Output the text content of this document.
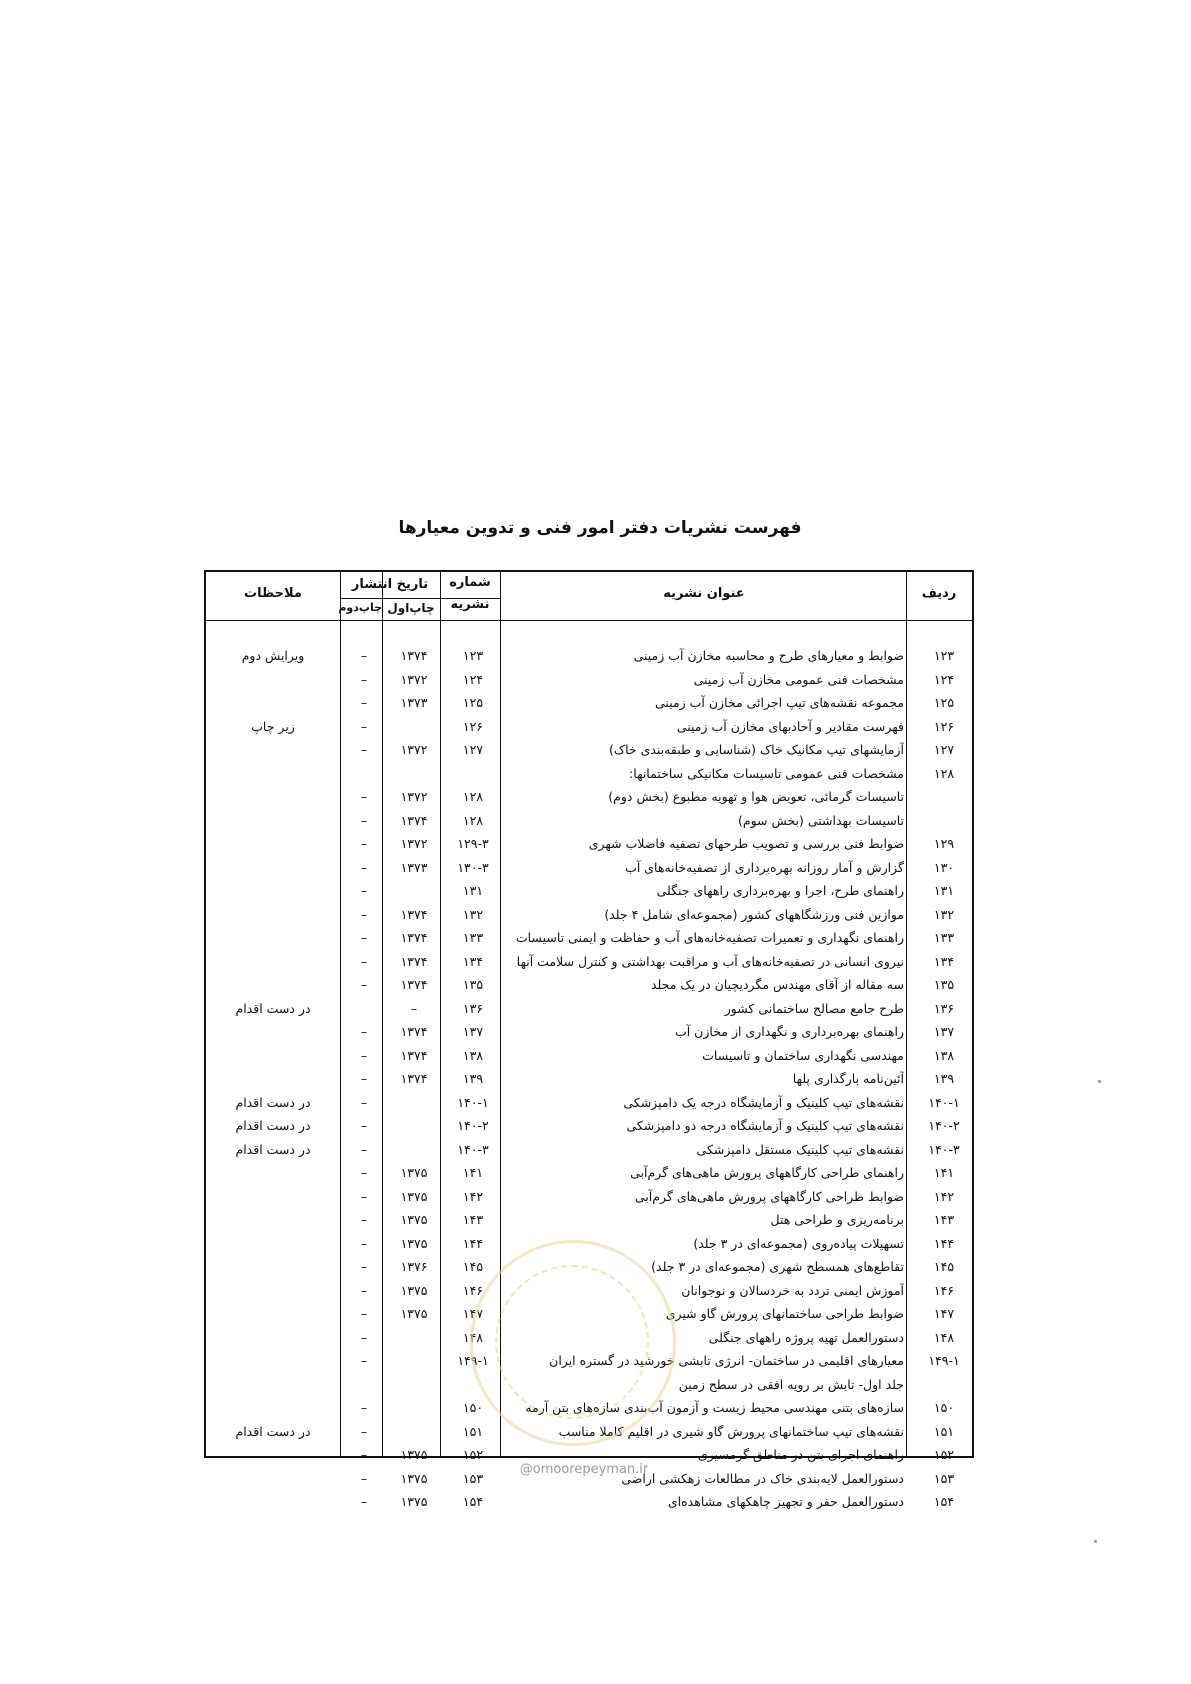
فهرست نشریات دفتر امور فنی و تدوین معیارها
ردیف
عنوان نشریه
شماره
نشریه
تاریخ انتشار
چاپ‌اول
چاپ‌دوم
ملاحظات
۱۲۳
ضوابط و معیارهای طرح و محاسبه مخازن آب زمینی
۱۲۳
۱۳۷۴
–
ویرایش دوم
۱۲۴
مشخصات فنی عمومی مخازن آب زمینی
۱۲۴
۱۳۷۲
–
۱۲۵
مجموعه نقشه‌های تیپ اجرائی مخازن آب زمینی
۱۲۵
۱۳۷۳
–
۱۲۶
فهرست مقادیر و آحادبهای مخازن آب زمینی
۱۲۶
–
زیر چاپ
۱۲۷
آزمایشهای تیپ مکانیک خاک (شناسایی و طبقه‌بندی خاک)
۱۲۷
۱۳۷۲
–
۱۲۸
مشخصات فنی عمومی تاسیسات مکانیکی ساختمانها:
تاسیسات گرمائی، تعویض هوا و تهویه مطبوع (بخش دوم)
۱۲۸
۱۳۷۲
–
تاسیسات بهداشتی (بخش سوم)
۱۲۸
۱۳۷۴
–
۱۲۹
ضوابط فنی بررسی و تصویب طرحهای تصفیه فاضلاب شهری
۱۲۹-۳
۱۳۷۲
–
۱۳۰
گزارش و آمار روزانه بهره‌برداری از تصفیه‌خانه‌های آب
۱۳۰-۳
۱۳۷۳
–
۱۳۱
راهنمای طرح، اجرا و بهره‌برداری راههای جنگلی
۱۳۱
–
۱۳۲
موازین فنی ورزشگاههای کشور (مجموعه‌ای شامل ۴ جلد)
۱۳۲
۱۳۷۴
–
۱۳۳
راهنمای نگهداری و تعمیرات تصفیه‌خانه‌های آب و حفاظت و ایمنی تاسیسات
۱۳۳
۱۳۷۴
–
۱۳۴
نیروی انسانی در تصفیه‌خانه‌های آب و مراقبت بهداشتی و کنترل سلامت آنها
۱۳۴
۱۳۷۴
–
۱۳۵
سه مقاله از آقای مهندس مگردیچیان در یک مجلد
۱۳۵
۱۳۷۴
–
۱۳۶
طرح جامع مصالح ساختمانی کشور
۱۳۶
–
در دست اقدام
۱۳۷
راهنمای بهره‌برداری و نگهداری از مخازن آب
۱۳۷
۱۳۷۴
–
۱۳۸
مهندسی نگهداری ساختمان و تاسیسات
۱۳۸
۱۳۷۴
–
۱۳۹
آئین‌نامه بارگذاری پلها
۱۳۹
۱۳۷۴
–
۱۴۰-۱
نقشه‌های تیپ کلینیک و آزمایشگاه درجه یک دامپزشکی
۱۴۰-۱
–
در دست اقدام
۱۴۰-۲
نقشه‌های تیپ کلینیک و آزمایشگاه درجه دو دامپزشکی
۱۴۰-۲
–
در دست اقدام
۱۴۰-۳
نقشه‌های تیپ کلینیک مستقل دامپزشکی
۱۴۰-۳
–
در دست اقدام
۱۴۱
راهنمای طراحی کارگاههای پرورش ماهی‌های گرم‌آبی
۱۴۱
۱۳۷۵
–
۱۴۲
ضوابط طراحی کارگاههای پرورش ماهی‌های گرم‌آبی
۱۴۲
۱۳۷۵
–
۱۴۳
برنامه‌ریزی و طراحی هتل
۱۴۳
۱۳۷۵
–
۱۴۴
تسهیلات پیاده‌روی (مجموعه‌ای در ۳ جلد)
۱۴۴
۱۳۷۵
–
۱۴۵
تقاطع‌های همسطح شهری (مجموعه‌ای در ۳ جلد)
۱۴۵
۱۳۷۶
–
۱۴۶
آموزش ایمنی تردد به خردسالان و نوجوانان
۱۴۶
۱۳۷۵
–
۱۴۷
ضوابط طراحی ساختمانهای پرورش گاو شیری
۱۴۷
۱۳۷۵
–
۱۴۸
دستورالعمل تهیه پروژه راههای جنگلی
۱۴۸
–
۱۴۹-۱
معیارهای اقلیمی در ساختمان- انرژی تابشی خورشید در گستره ایران
۱۴۹-۱
–
جلد اول- تابش بر رویه افقی در سطح زمین
۱۵۰
سازه‌های بتنی مهندسی محیط زیست و آزمون آب‌بندی سازه‌های بتن آرمه
۱۵۰
–
۱۵۱
نقشه‌های تیپ ساختمانهای پرورش گاو شیری در اقلیم کاملا مناسب
۱۵۱
–
در دست اقدام
۱۵۲
راهنمای اجرای بتن در مناطق گرمسیری
۱۵۲
۱۳۷۵
–
۱۵۳
دستورالعمل لایه‌بندی خاک در مطالعات زهکشی اراضی
۱۵۳
۱۳۷۵
–
۱۵۴
دستورالعمل حفر و تجهیز چاهکهای مشاهده‌ای
۱۵۴
۱۳۷۵
–
@omoorepeyman.ir
